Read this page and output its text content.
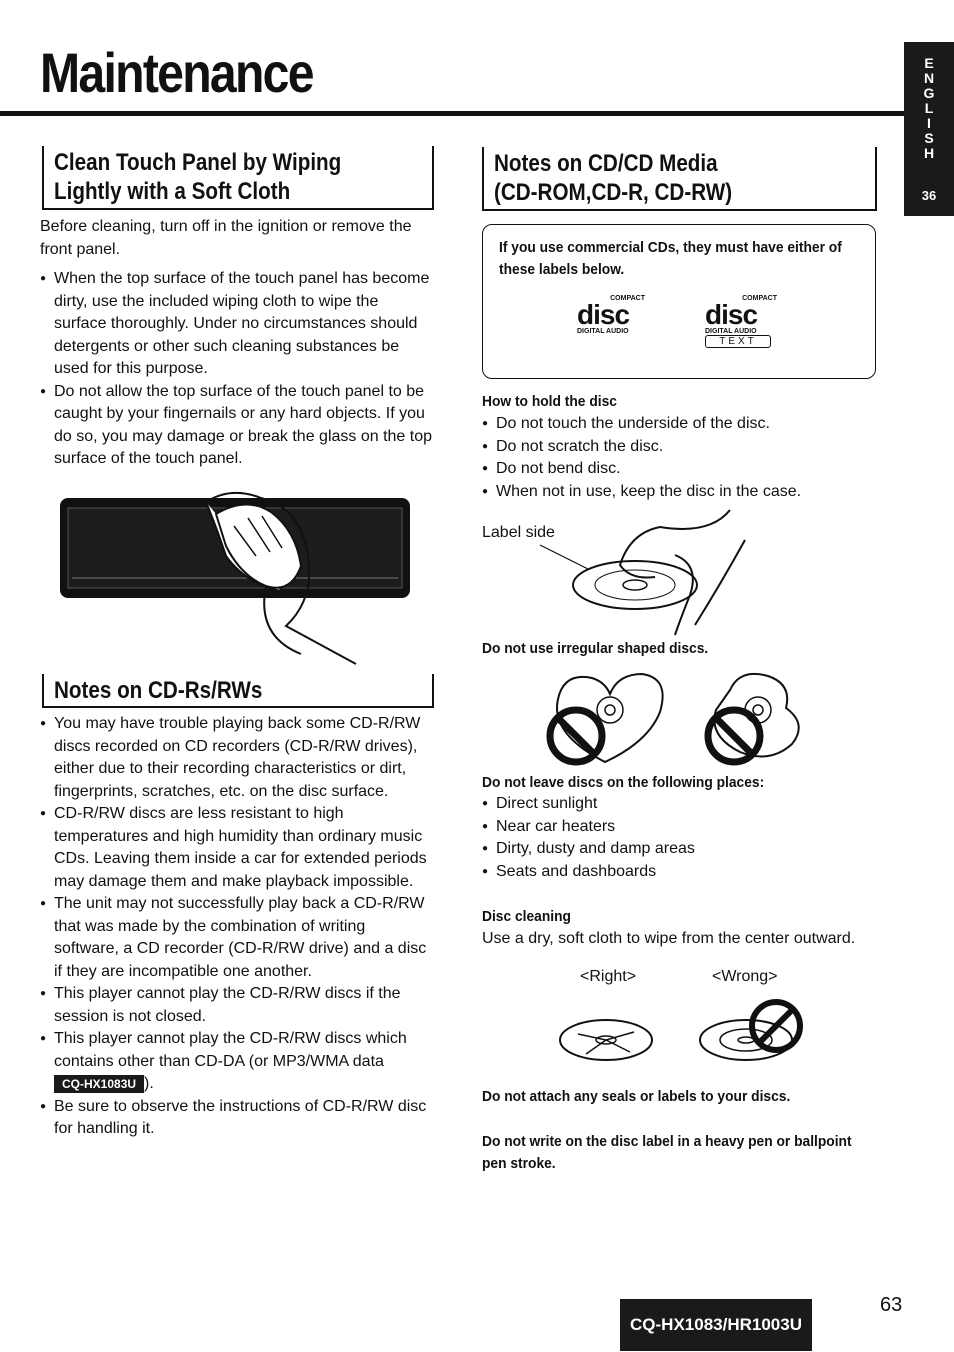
Maintenance	E
N
G
L
I
S
H
36
Clean Touch Panel by Wiping
Lightly with a Soft Cloth

Before cleaning, turn off in the ignition or remove the front panel.

● When the top surface of the touch panel has become dirty, use the included wiping cloth to wipe the surface thoroughly. Under no circumstances should detergents or other such cleaning substances be used for this purpose.
● Do not allow the top surface of the touch panel to be caught by your fingernails or any hard objects. If you do so, you may damage or break the glass on the top surface of the touch panel.
Notes on CD-Rs/RWs
● You may have trouble playing back some CD-R/RW discs recorded on CD recorders (CD-R/RW drives), either due to their recording characteristics or dirt, fingerprints, scratches, etc. on the disc surface.
● CD-R/RW discs are less resistant to high temperatures and high humidity than ordinary music CDs. Leaving them inside a car for extended periods may damage them and make playback impossible.
● The unit may not successfully play back a CD-R/RW that was made by the combination of writing software, a CD recorder (CD-R/RW drive) and a disc if they are incompatible one another.
● This player cannot play the CD-R/RW discs if the session is not closed.
● This player cannot play the CD-R/RW discs which contains other than CD-DA (or MP3/WMA data CQ-HX1083U ).
● Be sure to observe the instructions of CD-R/RW disc for handling it.
Notes on CD/CD Media
(CD-ROM,CD-R, CD-RW)
If you use commercial CDs, they must have either of these labels below.
COMPACT
disc
DIGITAL AUDIO
COMPACT
disc
DIGITAL AUDIO
TEXT
How to hold the disc
● Do not touch the underside of the disc.
● Do not scratch the disc.
● Do not bend disc.
● When not in use, keep the disc in the case.
Label side
Do not use irregular shaped discs.
Do not leave discs on the following places:
● Direct sunlight
● Near car heaters
● Dirty, dusty and damp areas
● Seats and dashboards
Disc cleaning
Use a dry, soft cloth to wipe from the center outward.
<Right>	<Wrong>
Do not attach any seals or labels to your discs.
Do not write on the disc label in a heavy pen or ballpoint pen stroke.
CQ-HX1083/HR1003U
63
